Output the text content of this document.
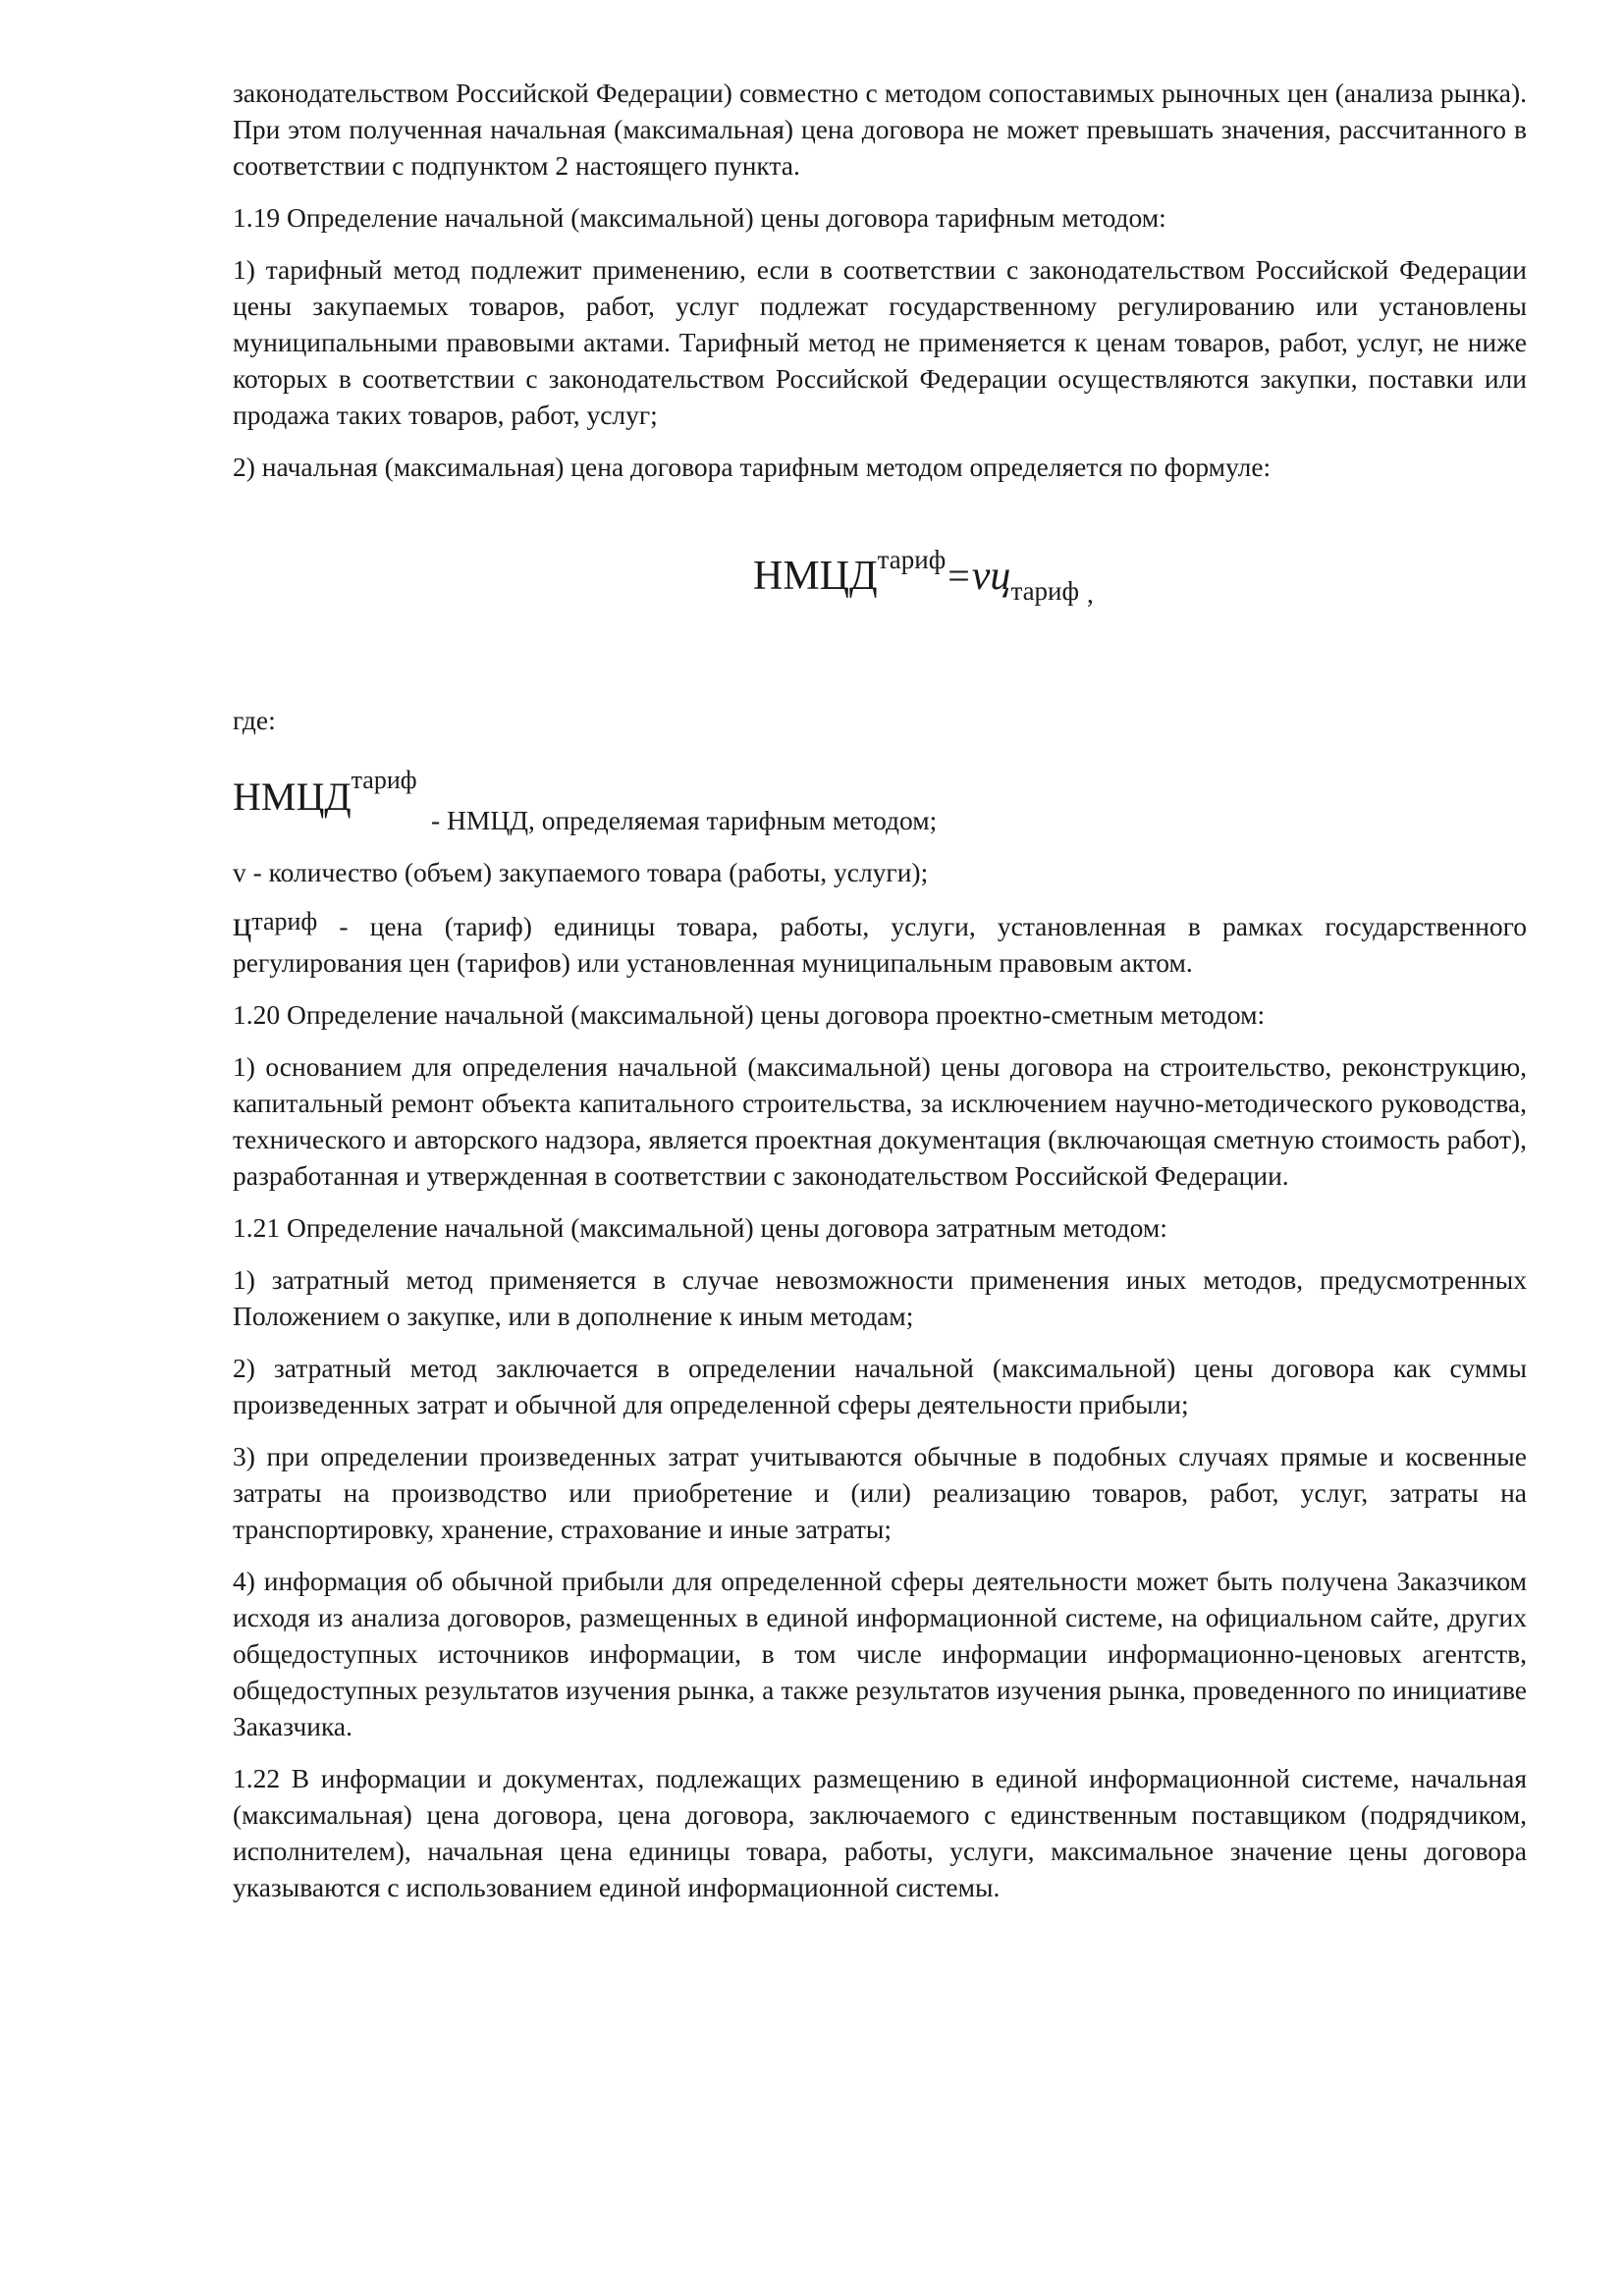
законодательством Российской Федерации) совместно с методом сопоставимых рыночных цен (анализа рынка). При этом полученная начальная (максимальная) цена договора не может превышать значения, рассчитанного в соответствии с подпунктом 2 настоящего пункта.

1.19 Определение начальной (максимальной) цены договора тарифным методом:

1) тарифный метод подлежит применению, если в соответствии с законодательством Российской Федерации цены закупаемых товаров, работ, услуг подлежат государственному регулированию или установлены муниципальными правовыми актами. Тарифный метод не применяется к ценам товаров, работ, услуг, не ниже которых в соответствии с законодательством Российской Федерации осуществляются закупки, поставки или продажа таких товаров, работ, услуг;

2) начальная (максимальная) цена договора тарифным методом определяется по формуле:

$НМЦД^{тариф}=vц_{тариф}$ $_,$

где:

$НМЦД^{тариф}$
- НМЦД, определяемая тарифным методом;

v - количество (объем) закупаемого товара (работы, услуги);

$ц_{тариф}$ - цена (тариф) единицы товара, работы, услуги, установленная в рамках государственного регулирования цен (тарифов) или установленная муниципальным правовым актом.

1.20 Определение начальной (максимальной) цены договора проектно-сметным методом:

1) основанием для определения начальной (максимальной) цены договора на строительство, реконструкцию, капитальный ремонт объекта капитального строительства, за исключением научно-методического руководства, технического и авторского надзора, является проектная документация (включающая сметную стоимость работ), разработанная и утвержденная в соответствии с законодательством Российской Федерации.

1.21 Определение начальной (максимальной) цены договора затратным методом:

1) затратный метод применяется в случае невозможности применения иных методов, предусмотренных Положением о закупке, или в дополнение к иным методам;

2) затратный метод заключается в определении начальной (максимальной) цены договора как суммы произведенных затрат и обычной для определенной сферы деятельности прибыли;

3) при определении произведенных затрат учитываются обычные в подобных случаях прямые и косвенные затраты на производство или приобретение и (или) реализацию товаров, работ, услуг, затраты на транспортировку, хранение, страхование и иные затраты;

4) информация об обычной прибыли для определенной сферы деятельности может быть получена Заказчиком исходя из анализа договоров, размещенных в единой информационной системе, на официальном сайте, других общедоступных источников информации, в том числе информации информационно-ценовых агентств, общедоступных результатов изучения рынка, а также результатов изучения рынка, проведенного по инициативе Заказчика.

1.22 В информации и документах, подлежащих размещению в единой информационной системе, начальная (максимальная) цена договора, цена договора, заключаемого с единственным поставщиком (подрядчиком, исполнителем), начальная цена единицы товара, работы, услуги, максимальное значение цены договора указываются с использованием единой информационной системы.
